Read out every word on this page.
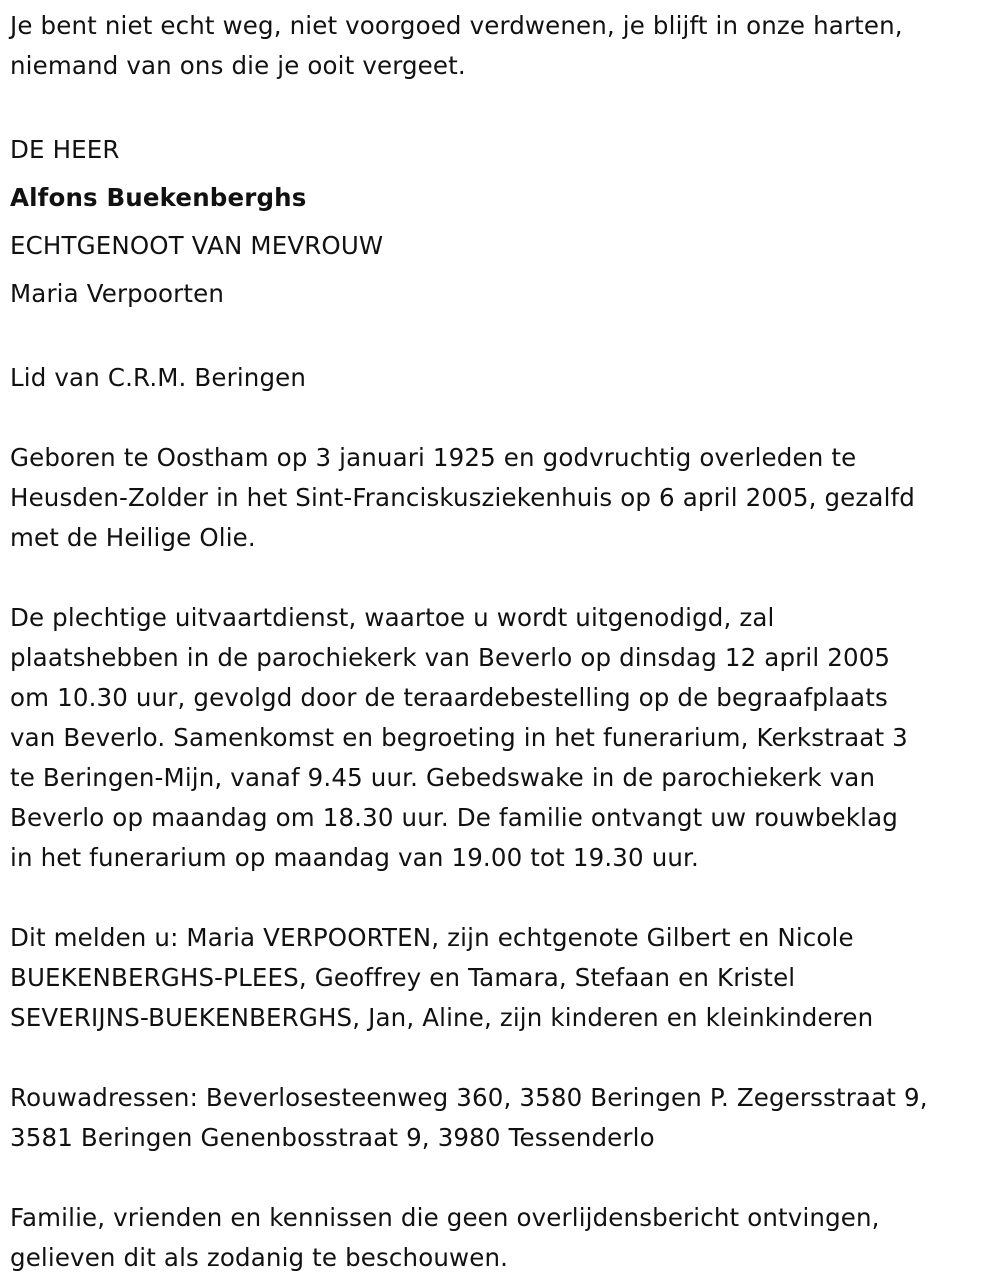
Je bent niet echt weg, niet voorgoed verdwenen, je blijft in onze harten,
niemand van ons die je ooit vergeet.

DE HEER

Alfons Buekenberghs

ECHTGENOOT VAN MEVROUW

Maria Verpoorten

Lid van C.R.M. Beringen

Geboren te Oostham op 3 januari 1925 en godvruchtig overleden te
Heusden-Zolder in het Sint-Franciskusziekenhuis op 6 april 2005, gezalfd
met de Heilige Olie.

De plechtige uitvaartdienst, waartoe u wordt uitgenodigd, zal
plaatshebben in de parochiekerk van Beverlo op dinsdag 12 april 2005
om 10.30 uur, gevolgd door de teraardebestelling op de begraafplaats
van Beverlo. Samenkomst en begroeting in het funerarium, Kerkstraat 3
te Beringen-Mijn, vanaf 9.45 uur. Gebedswake in de parochiekerk van
Beverlo op maandag om 18.30 uur. De familie ontvangt uw rouwbeklag
in het funerarium op maandag van 19.00 tot 19.30 uur.

Dit melden u: Maria VERPOORTEN, zijn echtgenote Gilbert en Nicole
BUEKENBERGHS-PLEES, Geoffrey en Tamara, Stefaan en Kristel
SEVERIJNS-BUEKENBERGHS, Jan, Aline, zijn kinderen en kleinkinderen

Rouwadressen: Beverlosesteenweg 360, 3580 Beringen P. Zegersstraat 9,
3581 Beringen Genenbosstraat 9, 3980 Tessenderlo

Familie, vrienden en kennissen die geen overlijdensbericht ontvingen,
gelieven dit als zodanig te beschouwen.
